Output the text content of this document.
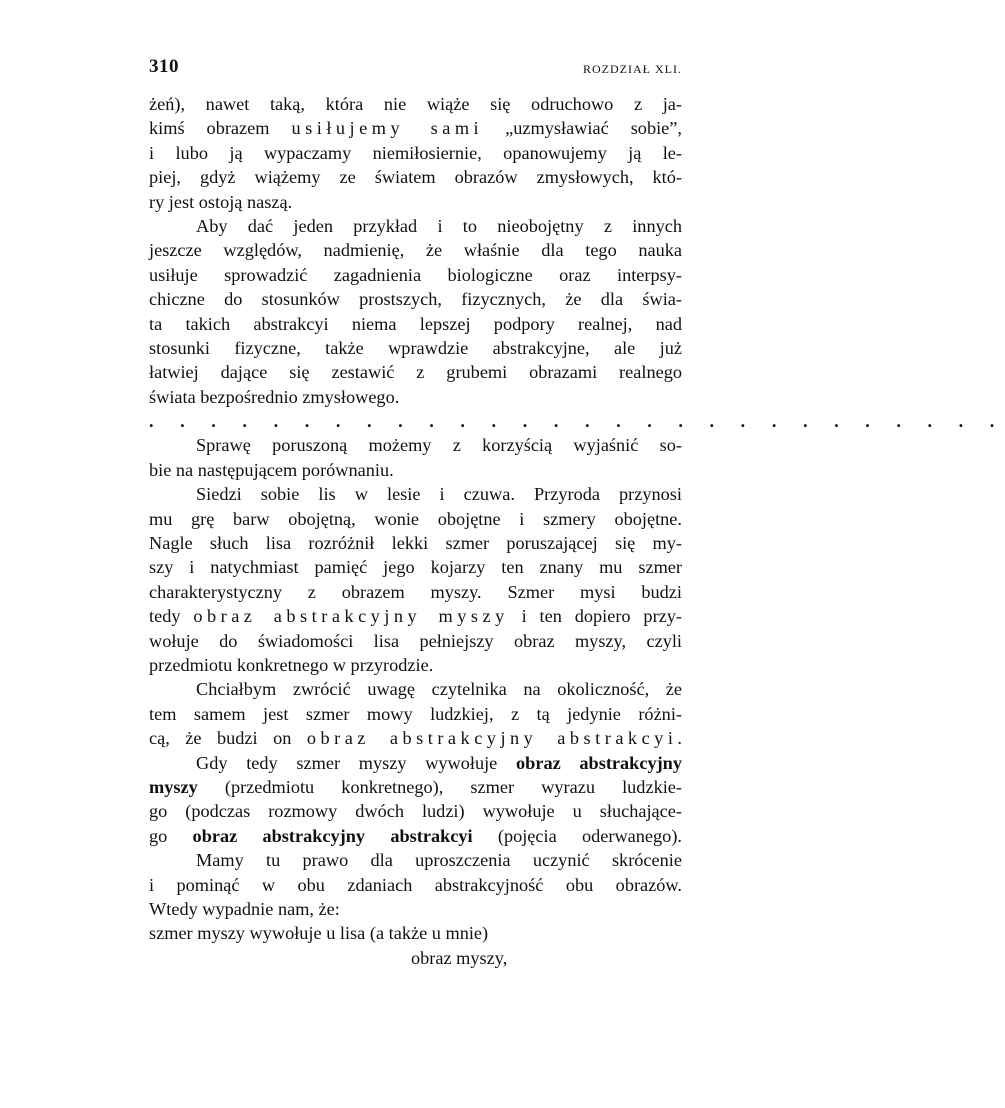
310	ROZDZIAŁ XLI.
żeń), nawet taką, która nie wiąże się odruchowo z ja-
kimś obrazem usiłujemy sami „uzmysławiać sobie”,
i lubo ją wypaczamy niemiłosiernie, opanowujemy ją le-
piej, gdyż wiążemy ze światem obrazów zmysłowych, któ-
ry jest ostoją naszą.
Aby dać jeden przykład i to nieobojętny z innych
jeszcze względów, nadmienię, że właśnie dla tego nauka
usiłuje sprowadzić zagadnienia biologiczne oraz interpsy-
chiczne do stosunków prostszych, fizycznych, że dla świa-
ta takich abstrakcyi niema lepszej podpory realnej, nad
stosunki fizyczne, także wprawdzie abstrakcyjne, ale już
łatwiej dające się zestawić z grubemi obrazami realnego
świata bezpośrednio zmysłowego.
. . . . . . . . . . . . . . . . . . . . . . . . . . . .
Sprawę poruszoną możemy z korzyścią wyjaśnić so-
bie na następującem porównaniu.
Siedzi sobie lis w lesie i czuwa. Przyroda przynosi
mu grę barw obojętną, wonie obojętne i szmery obojętne.
Nagle słuch lisa rozróżnił lekki szmer poruszającej się my-
szy i natychmiast pamięć jego kojarzy ten znany mu szmer
charakterystyczny z obrazem myszy. Szmer mysi budzi
tedy obraz abstrakcyjny myszy i ten dopiero przy-
wołuje do świadomości lisa pełniejszy obraz myszy, czyli
przedmiotu konkretnego w przyrodzie.
Chciałbym zwrócić uwagę czytelnika na okoliczność, że
tem samem jest szmer mowy ludzkiej, z tą jedynie różni-
cą, że budzi on obraz abstrakcyjny abstrakcyi.
Gdy tedy szmer myszy wywołuje obraz abstrakcyjny
myszy (przedmiotu konkretnego), szmer wyrazu ludzkie-
go (podczas rozmowy dwóch ludzi) wywołuje u słuchające-
go obraz abstrakcyjny abstrakcyi (pojęcia oderwanego).
Mamy tu prawo dla uproszczenia uczynić skrócenie
i pominąć w obu zdaniach abstrakcyjność obu obrazów.
Wtedy wypadnie nam, że:
szmer myszy wywołuje u lisa (a także u mnie)
obraz myszy,
